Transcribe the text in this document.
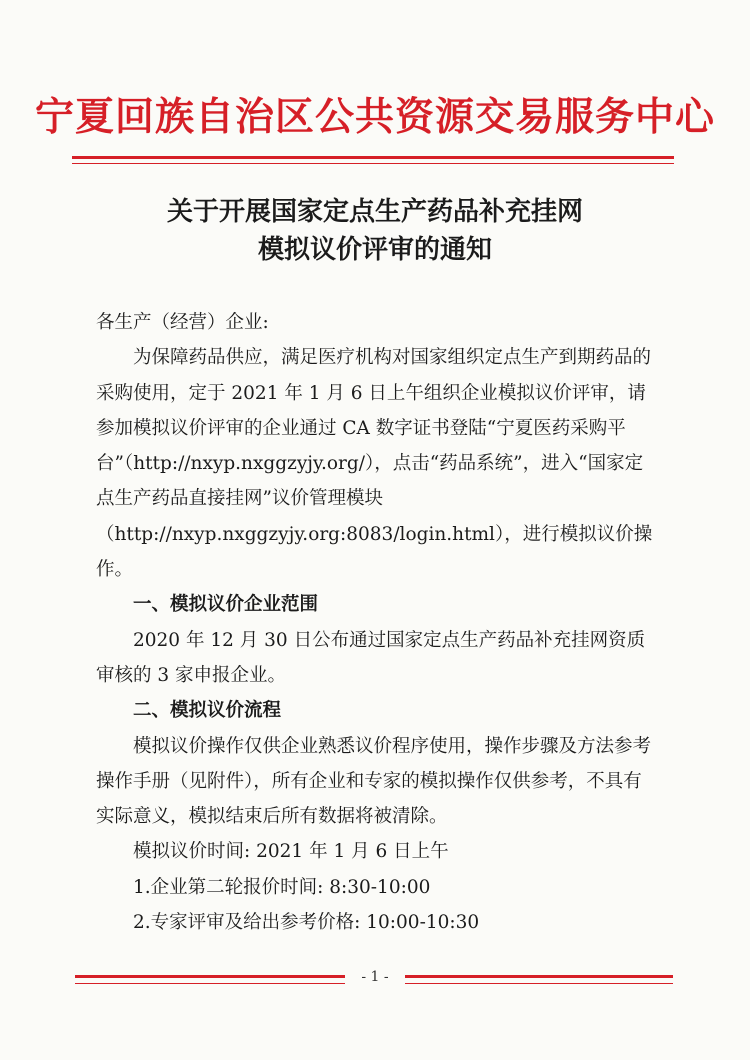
宁夏回族自治区公共资源交易服务中心
关于开展国家定点生产药品补充挂网
模拟议价评审的通知

各生产（经营）企业:

为保障药品供应，满足医疗机构对国家组织定点生产到期药品的采购使用，定于 2021 年 1 月 6 日上午组织企业模拟议价评审，请参加模拟议价评审的企业通过 CA 数字证书登陆“宁夏医药采购平台”（http://nxyp.nxggzyjy.org/），点击“药品系统”，进入“国家定点生产药品直接挂网”议价管理模块（http://nxyp.nxggzyjy.org:8083/login.html），进行模拟议价操作。

一、模拟议价企业范围

2020 年 12 月 30 日公布通过国家定点生产药品补充挂网资质审核的 3 家申报企业。

二、模拟议价流程

模拟议价操作仅供企业熟悉议价程序使用，操作步骤及方法参考操作手册（见附件），所有企业和专家的模拟操作仅供参考，不具有实际意义，模拟结束后所有数据将被清除。

模拟议价时间: 2021 年 1 月 6 日上午

1.企业第二轮报价时间: 8:30-10:00

2.专家评审及给出参考价格: 10:00-10:30

- 1 -
